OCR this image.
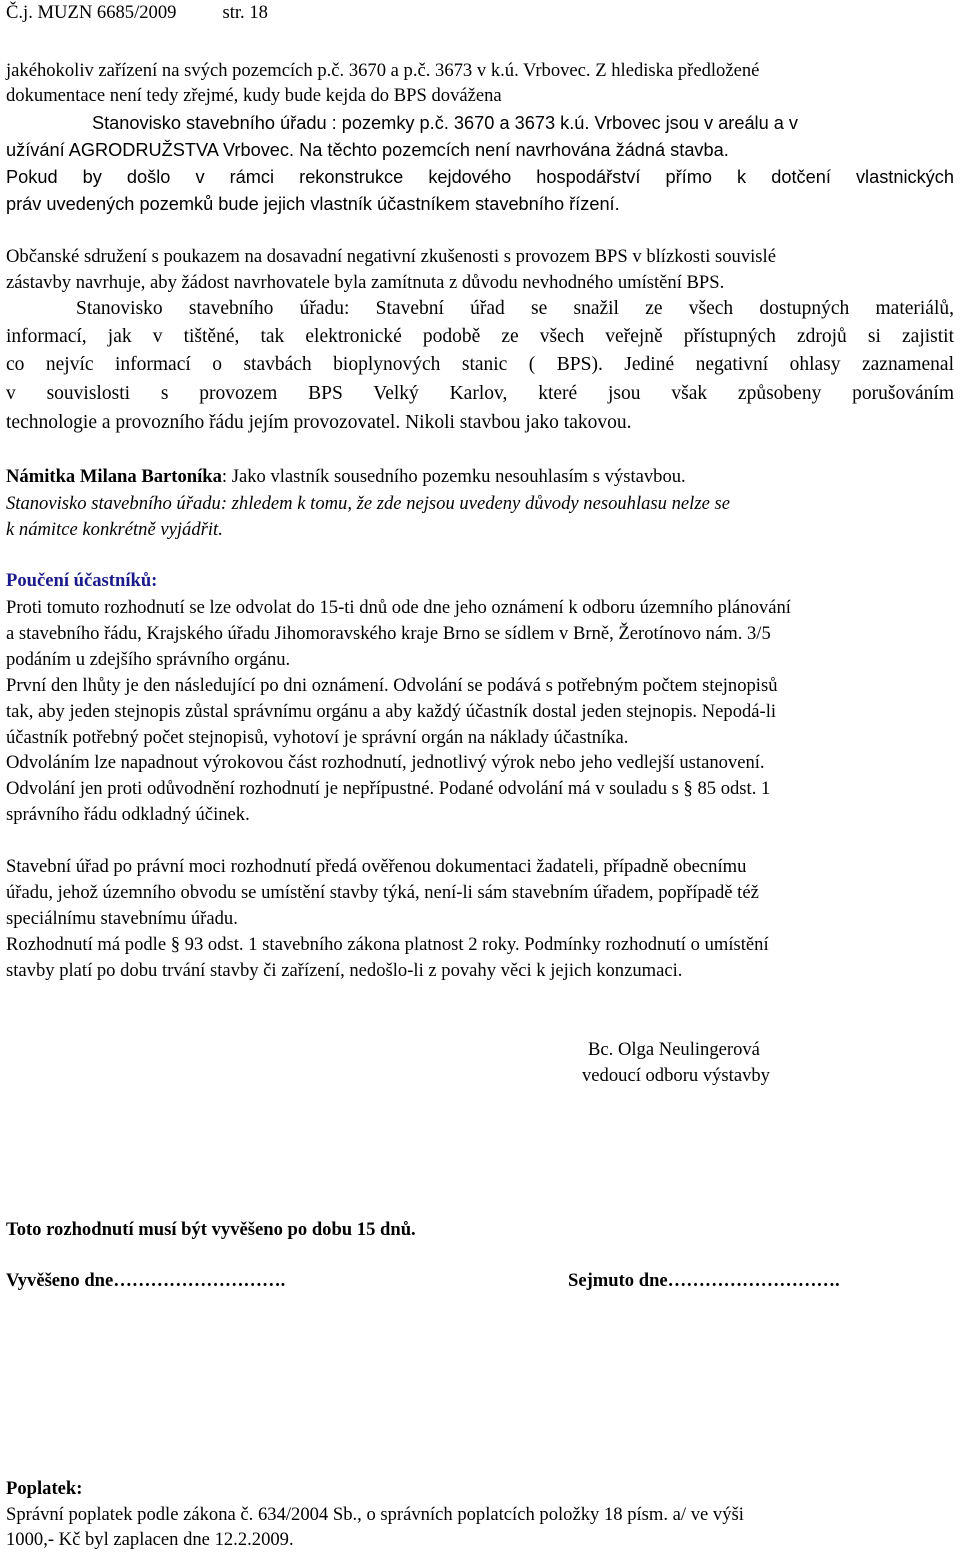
Č.j. MUZN 6685/2009 str. 18
jakéhokoliv zařízení na svých pozemcích p.č. 3670 a p.č. 3673 v k.ú. Vrbovec. Z hlediska předložené
dokumentace není tedy zřejmé, kudy bude kejda do BPS dovážena
Stanovisko stavebního úřadu : pozemky p.č. 3670 a 3673 k.ú. Vrbovec jsou v areálu a v
užívání AGRODRUŽSTVA Vrbovec. Na těchto pozemcích není navrhována žádná stavba.
Pokud by došlo v rámci rekonstrukce kejdového hospodářství přímo k dotčení vlastnických
práv uvedených pozemků bude jejich vlastník účastníkem stavebního řízení.
Občanské sdružení s poukazem na dosavadní negativní zkušenosti s provozem BPS v blízkosti souvislé
zástavby navrhuje, aby žádost navrhovatele byla zamítnuta z důvodu nevhodného umístění BPS.
Stanovisko stavebního úřadu: Stavební úřad se snažil ze všech dostupných materiálů,
informací, jak v tištěné, tak elektronické podobě ze všech veřejně přístupných zdrojů si zajistit
co nejvíc informací o stavbách bioplynových stanic ( BPS). Jediné negativní ohlasy zaznamenal
v souvislosti s provozem BPS Velký Karlov, které jsou však způsobeny porušováním
technologie a provozního řádu jejím provozovatel. Nikoli stavbou jako takovou.
Námitka Milana Bartoníka: Jako vlastník sousedního pozemku nesouhlasím s výstavbou.
Stanovisko stavebního úřadu: zhledem k tomu, že zde nejsou uvedeny důvody nesouhlasu nelze se
k námitce konkrétně vyjádřit.
Poučení účastníků:
Proti tomuto rozhodnutí se lze odvolat do 15-ti dnů ode dne jeho oznámení k odboru územního plánování
a stavebního řádu, Krajského úřadu Jihomoravského kraje Brno se sídlem v Brně, Žerotínovo nám. 3/5
podáním u zdejšího správního orgánu.
První den lhůty je den následující po dni oznámení. Odvolání se podává s potřebným počtem stejnopisů
tak, aby jeden stejnopis zůstal správnímu orgánu a aby každý účastník dostal jeden stejnopis. Nepodá-li
účastník potřebný počet stejnopisů, vyhotoví je správní orgán na náklady účastníka.
Odvoláním lze napadnout výrokovou část rozhodnutí, jednotlivý výrok nebo jeho vedlejší ustanovení.
Odvolání jen proti odůvodnění rozhodnutí je nepřípustné. Podané odvolání má v souladu s § 85 odst. 1
správního řádu odkladný účinek.
Stavební úřad po právní moci rozhodnutí předá ověřenou dokumentaci žadateli, případně obecnímu
úřadu, jehož územního obvodu se umístění stavby týká, není-li sám stavebním úřadem, popřípadě též
speciálnímu stavebnímu úřadu.
Rozhodnutí má podle § 93 odst. 1 stavebního zákona platnost 2 roky. Podmínky rozhodnutí o umístění
stavby platí po dobu trvání stavby či zařízení, nedošlo-li z povahy věci k jejich konzumaci.
Bc. Olga Neulingerová
vedoucí odboru výstavby
Toto rozhodnutí musí být vyvěšeno po dobu 15 dnů.
Vyvěšeno dne……………………….	Sejmuto dne……………………….
Poplatek:
Správní poplatek podle zákona č. 634/2004 Sb., o správních poplatcích položky 18 písm. a/ ve výši
1000,- Kč byl zaplacen dne 12.2.2009.
